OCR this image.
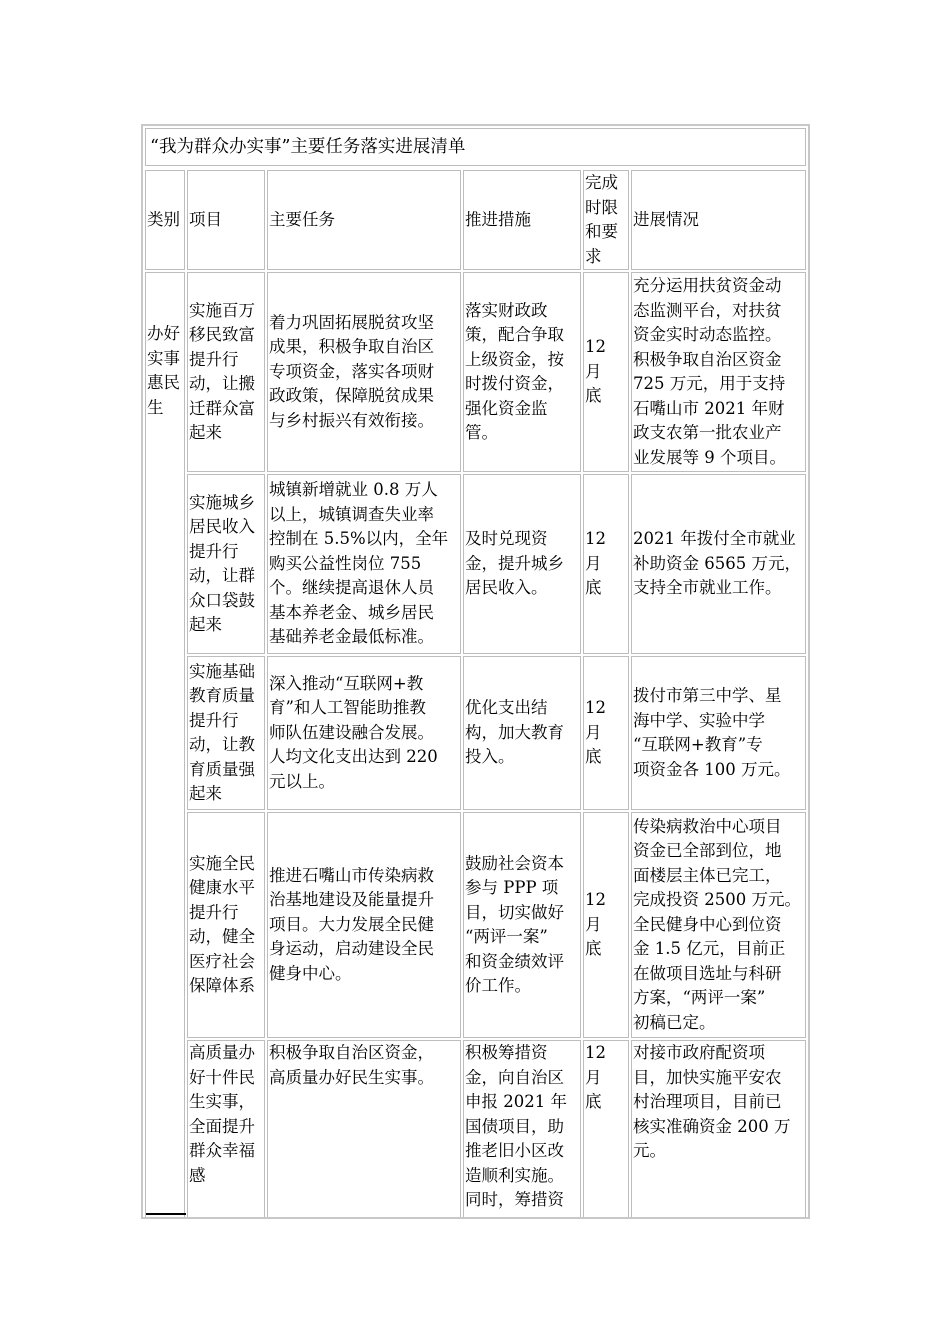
“我为群众办实事”主要任务落实进展清单
类别 项目	主要任务	推进措施
完成
时限
和要
求
进展情况

办好
实事
惠民
生

实施百万
移民致富
提升行
动，让搬
迁群众富
起来
着力巩固拓展脱贫攻坚
成果，积极争取自治区
专项资金，落实各项财
政政策，保障脱贫成果
与乡村振兴有效衔接。
落实财政政
策，配合争取
上级资金，按
时拨付资金，
强化资金监
管。
12 月
底
充分运用扶贫资金动
态监测平台，对扶贫
资金实时动态监控。
积极争取自治区资金
725 万元，用于支持
石嘴山市 2021 年财
政支农第一批农业产
业发展等 9 个项目。
实施城乡
居民收入
提升行
动，让群
众口袋鼓
起来
城镇新增就业 0.8 万人
以上，城镇调查失业率
控制在 5.5%以内，全年
购买公益性岗位 755
个。继续提高退休人员
基本养老金、城乡居民
基础养老金最低标准。
及时兑现资
金，提升城乡
居民收入。
12 月
底
2021 年拨付全市就业
补助资金 6565 万元，
支持全市就业工作。
实施基础
教育质量
提升行
动，让教
育质量强
起来
深入推动“互联网+教
育”和人工智能助推教
师队伍建设融合发展。
人均文化支出达到 220
元以上。
优化支出结
构，加大教育
投入。
12 月
底
拨付市第三中学、星
海中学、实验中学
“互联网+教育”专
项资金各 100 万元。
实施全民
健康水平
提升行
动，健全
医疗社会
保障体系
推进石嘴山市传染病救
治基地建设及能量提升
项目。大力发展全民健
身运动，启动建设全民
健身中心。
鼓励社会资本
参与 PPP 项
目，切实做好
“两评一案”
和资金绩效评
价工作。
12 月
底
传染病救治中心项目
资金已全部到位，地
面楼层主体已完工，
完成投资 2500 万元。
全民健身中心到位资
金 1.5 亿元，目前正
在做项目选址与科研
方案，“两评一案”
初稿已定。
高质量办
好十件民
生实事，
全面提升
群众幸福
感
积极争取自治区资金，
高质量办好民生实事。
积极筹措资
金，向自治区
申报 2021 年
国债项目，助
推老旧小区改
造顺利实施。
同时，筹措资
12 月
底
对接市政府配资项
目，加快实施平安农
村治理项目，目前已
核实准确资金 200 万
元。
